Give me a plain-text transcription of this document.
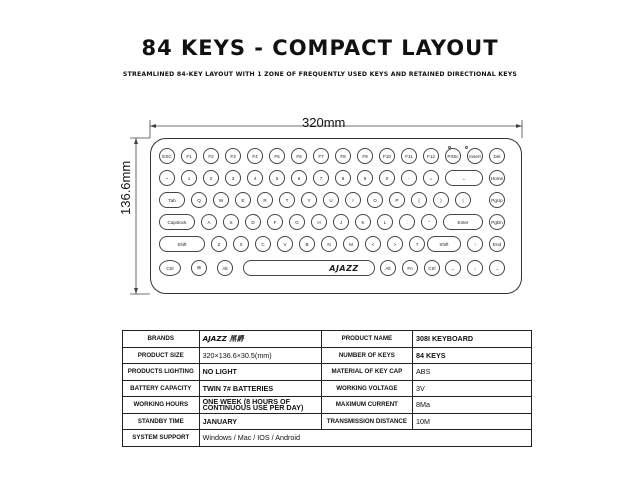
84 KEYS - COMPACT LAYOUT
STREAMLINED 84-KEY LAYOUT WITH 1 ZONE OF FREQUENTLY USED KEYS AND RETAINED DIRECTIONAL KEYS
320mm
136.6mm
ESC	F1	F2	F3	F4	F5	F6	F7	F8	F9	F10	F11	F12	PrtSc	Insert	Del
~	1	2	3	4	5	6	7	8	9	0	-	=	←	Home
Tab	Q	W	E	R	T	Y	U	I	O	P	{	}	|	PgUp
Capslock	A	S	D	F	G	H	J	K	L	:	"	Enter	PgDn
Shift	Z	X	C	V	B	N	M	<	>	?	Shift	↑	End
Ctrl	⊞	Alt	AJAZZ	Alt	Fn	Ctrl	←	↓	→
BRANDS	AJAZZ 黑爵	PRODUCT NAME	308I KEYBOARD
PRODUCT SIZE	320×136.6×30.5(mm)	NUMBER OF KEYS	84 KEYS
PRODUCTS LIGHTING	NO LIGHT	MATERIAL OF KEY CAP	ABS
BATTERY CAPACITY	TWIN 7# BATTERIES	WORKING VOLTAGE	3V
WORKING HOURS	ONE WEEK (8 HOURS OF CONTINUOUS USE PER DAY)	MAXIMUM CURRENT	8Ma
STANDBY TIME	JANUARY	TRANSMISSION DISTANCE	10M
SYSTEM SUPPORT	Windows / Mac / IOS / Android		
